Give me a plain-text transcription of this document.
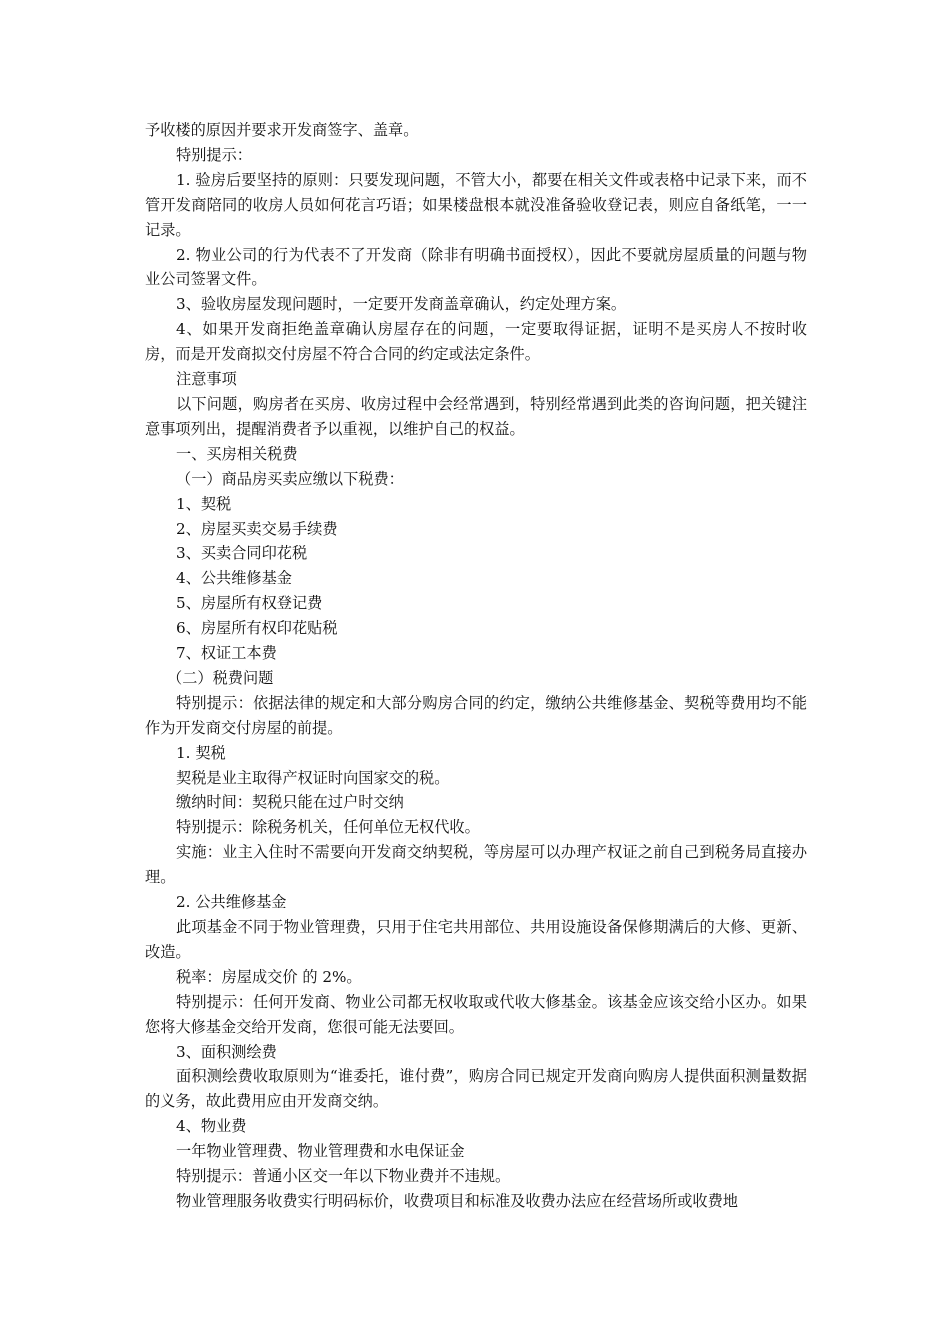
予收楼的原因并要求开发商签字、盖章。

特别提示：

1. 验房后要坚持的原则：只要发现问题，不管大小，都要在相关文件或表格中记录下来，而不管开发商陪同的收房人员如何花言巧语；如果楼盘根本就没准备验收登记表，则应自备纸笔，一一记录。

2. 物业公司的行为代表不了开发商（除非有明确书面授权），因此不要就房屋质量的问题与物业公司签署文件。

3、验收房屋发现问题时，一定要开发商盖章确认，约定处理方案。

4、如果开发商拒绝盖章确认房屋存在的问题，一定要取得证据，证明不是买房人不按时收房，而是开发商拟交付房屋不符合合同的约定或法定条件。

注意事项

以下问题，购房者在买房、收房过程中会经常遇到，特别经常遇到此类的咨询问题，把关键注意事项列出，提醒消费者予以重视，以维护自己的权益。

一、买房相关税费

（一）商品房买卖应缴以下税费：

1、契税

2、房屋买卖交易手续费

3、买卖合同印花税

4、公共维修基金

5、房屋所有权登记费

6、房屋所有权印花贴税

7、权证工本费

（二）税费问题

特别提示：依据法律的规定和大部分购房合同的约定，缴纳公共维修基金、契税等费用均不能作为开发商交付房屋的前提。

1. 契税

契税是业主取得产权证时向国家交的税。

缴纳时间：契税只能在过户时交纳

特别提示：除税务机关，任何单位无权代收。

实施：业主入住时不需要向开发商交纳契税，等房屋可以办理产权证之前自己到税务局直接办理。

2. 公共维修基金

此项基金不同于物业管理费，只用于住宅共用部位、共用设施设备保修期满后的大修、更新、改造。

税率：房屋成交价 的 2%。

特别提示：任何开发商、物业公司都无权收取或代收大修基金。该基金应该交给小区办。如果您将大修基金交给开发商，您很可能无法要回。

3、面积测绘费

面积测绘费收取原则为“谁委托，谁付费”，购房合同已规定开发商向购房人提供面积测量数据的义务，故此费用应由开发商交纳。

4、物业费

一年物业管理费、物业管理费和水电保证金

特别提示：普通小区交一年以下物业费并不违规。

物业管理服务收费实行明码标价，收费项目和标准及收费办法应在经营场所或收费地
